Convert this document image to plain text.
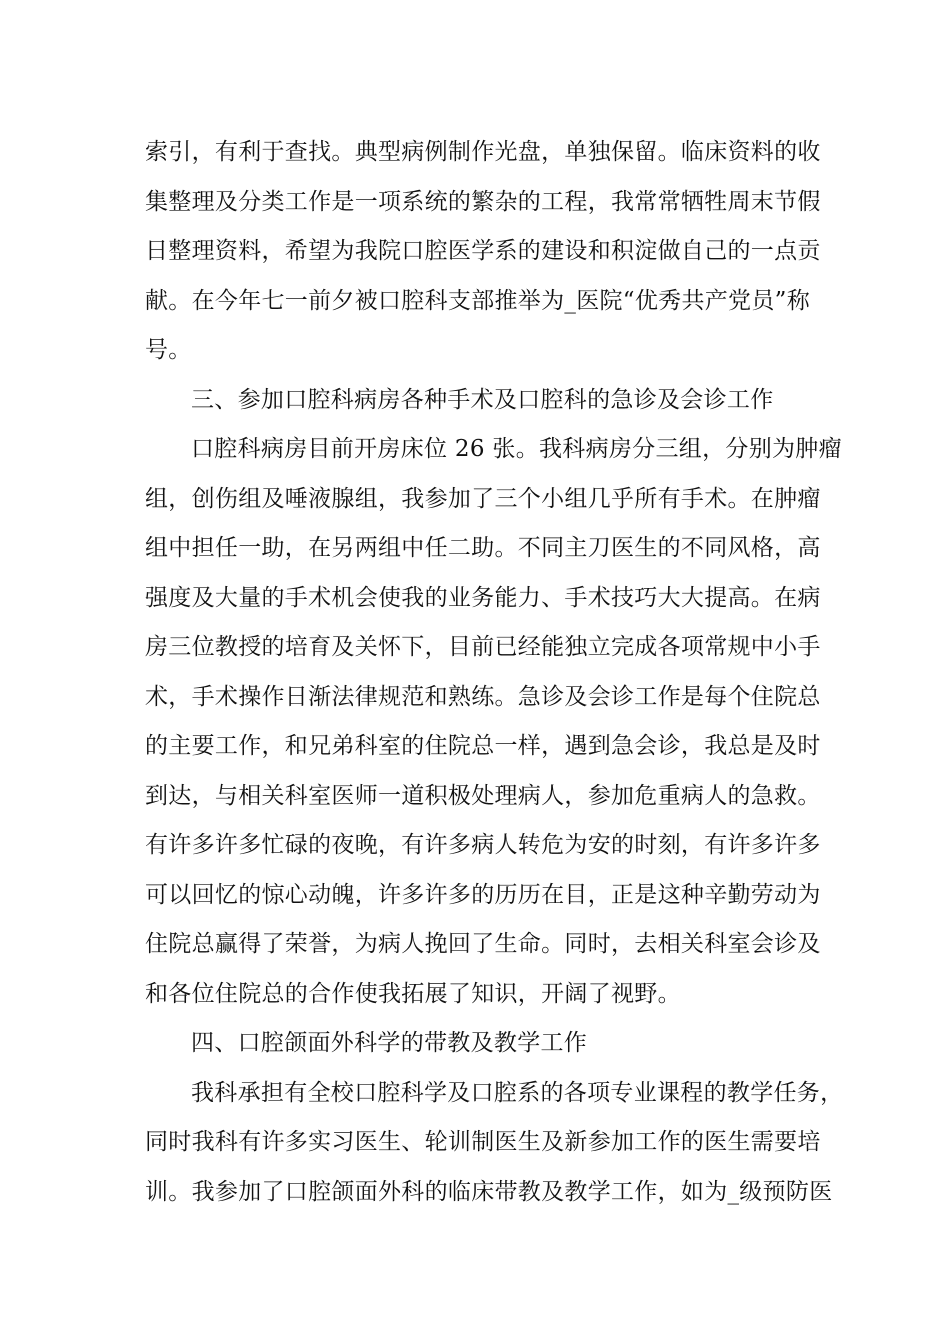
索引，有利于查找。典型病例制作光盘，单独保留。临床资料的收
集整理及分类工作是一项系统的繁杂的工程，我常常牺牲周末节假
日整理资料，希望为我院口腔医学系的建设和积淀做自己的一点贡
献。在今年七一前夕被口腔科支部推举为_医院“优秀共产党员”称
号。

三、参加口腔科病房各种手术及口腔科的急诊及会诊工作

口腔科病房目前开房床位 26 张。我科病房分三组，分别为肿瘤
组，创伤组及唾液腺组，我参加了三个小组几乎所有手术。在肿瘤
组中担任一助，在另两组中任二助。不同主刀医生的不同风格，高
强度及大量的手术机会使我的业务能力、手术技巧大大提高。在病
房三位教授的培育及关怀下，目前已经能独立完成各项常规中小手
术，手术操作日渐法律规范和熟练。急诊及会诊工作是每个住院总
的主要工作，和兄弟科室的住院总一样，遇到急会诊，我总是及时
到达，与相关科室医师一道积极处理病人，参加危重病人的急救。
有许多许多忙碌的夜晚，有许多病人转危为安的时刻，有许多许多
可以回忆的惊心动魄，许多许多的历历在目，正是这种辛勤劳动为
住院总赢得了荣誉，为病人挽回了生命。同时，去相关科室会诊及
和各位住院总的合作使我拓展了知识，开阔了视野。

四、口腔颌面外科学的带教及教学工作

我科承担有全校口腔科学及口腔系的各项专业课程的教学任务，
同时我科有许多实习医生、轮训制医生及新参加工作的医生需要培
训。我参加了口腔颌面外科的临床带教及教学工作，如为_级预防医
